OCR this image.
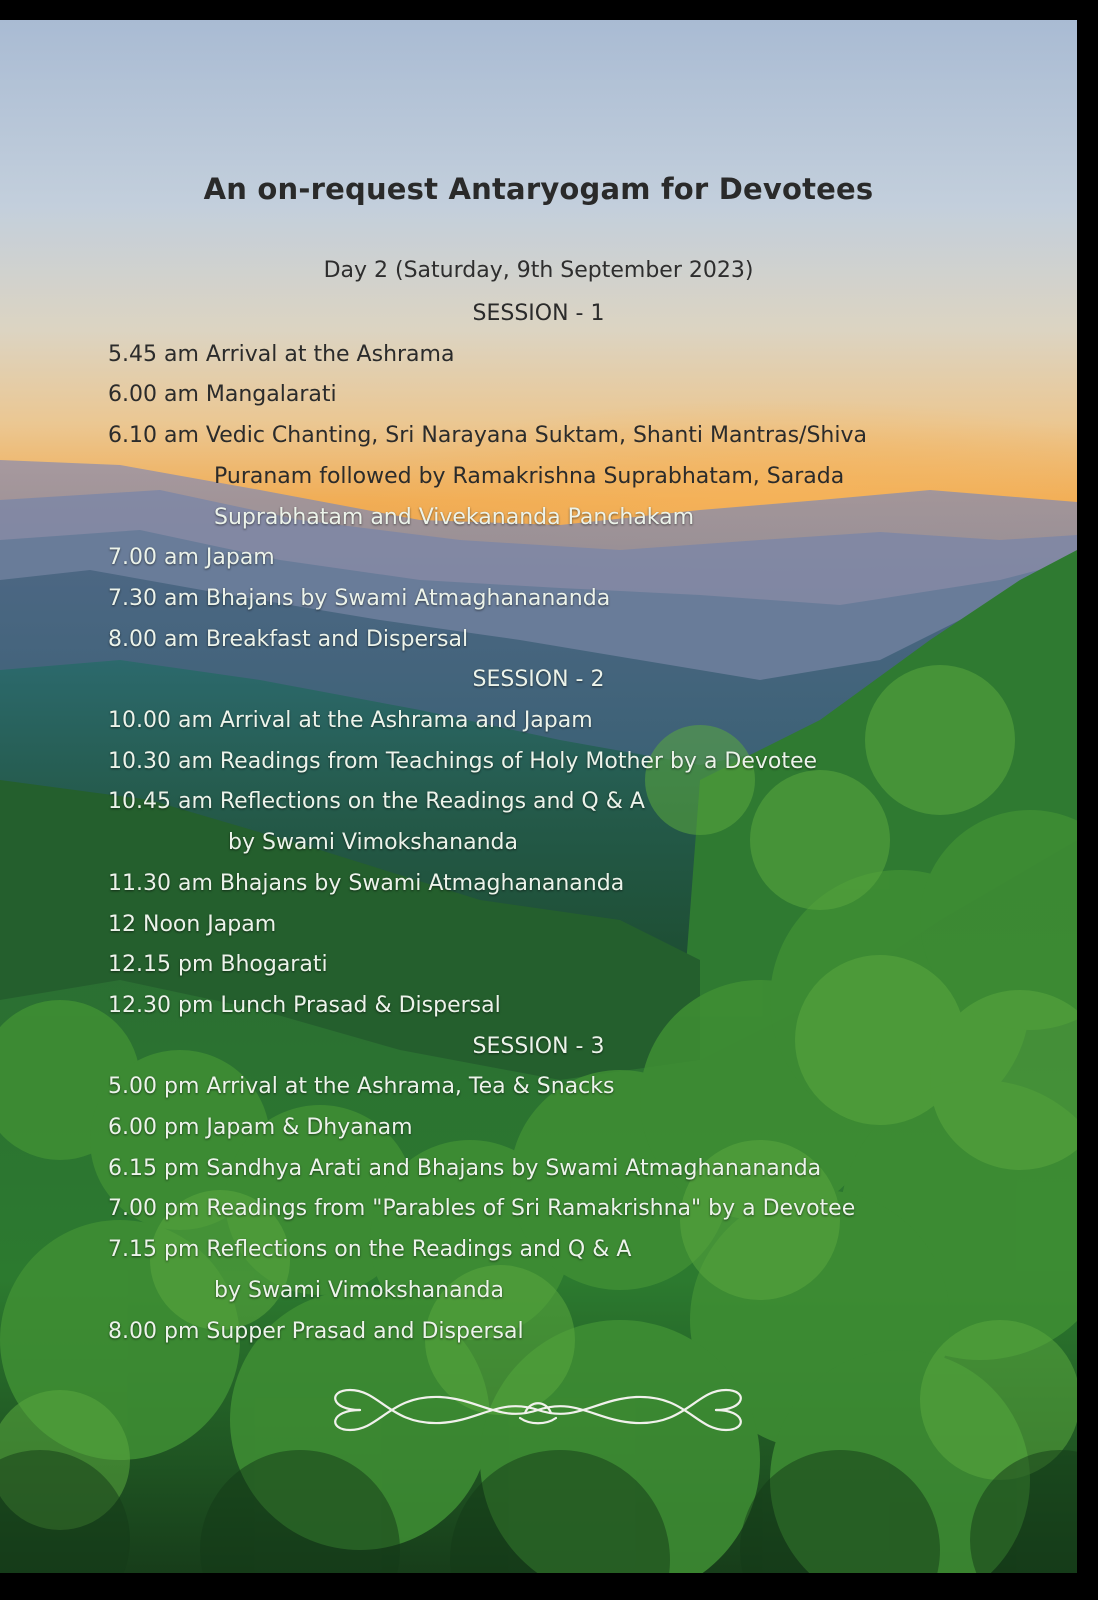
An on-request Antaryogam for Devotees
Day 2 (Saturday, 9th September 2023)
SESSION - 1
5.45 am Arrival at the Ashrama
6.00 am Mangalarati
6.10 am Vedic Chanting, Sri Narayana Suktam, Shanti Mantras/Shiva
Puranam followed by Ramakrishna Suprabhatam, Sarada
Suprabhatam and Vivekananda Panchakam
7.00 am Japam
7.30 am Bhajans by Swami Atmaghanananda
8.00 am Breakfast and Dispersal
SESSION - 2
10.00 am Arrival at the Ashrama and Japam
10.30 am Readings from Teachings of Holy Mother by a Devotee
10.45 am Reflections on the Readings and Q & A
by Swami Vimokshananda
11.30 am Bhajans by Swami Atmaghanananda
12 Noon Japam
12.15 pm Bhogarati
12.30 pm Lunch Prasad & Dispersal
SESSION - 3
5.00 pm Arrival at the Ashrama, Tea & Snacks
6.00 pm Japam & Dhyanam
6.15 pm Sandhya Arati and Bhajans by Swami Atmaghanananda
7.00 pm Readings from "Parables of Sri Ramakrishna" by a Devotee
7.15 pm Reflections on the Readings and Q & A
by Swami Vimokshananda
8.00 pm Supper Prasad and Dispersal
